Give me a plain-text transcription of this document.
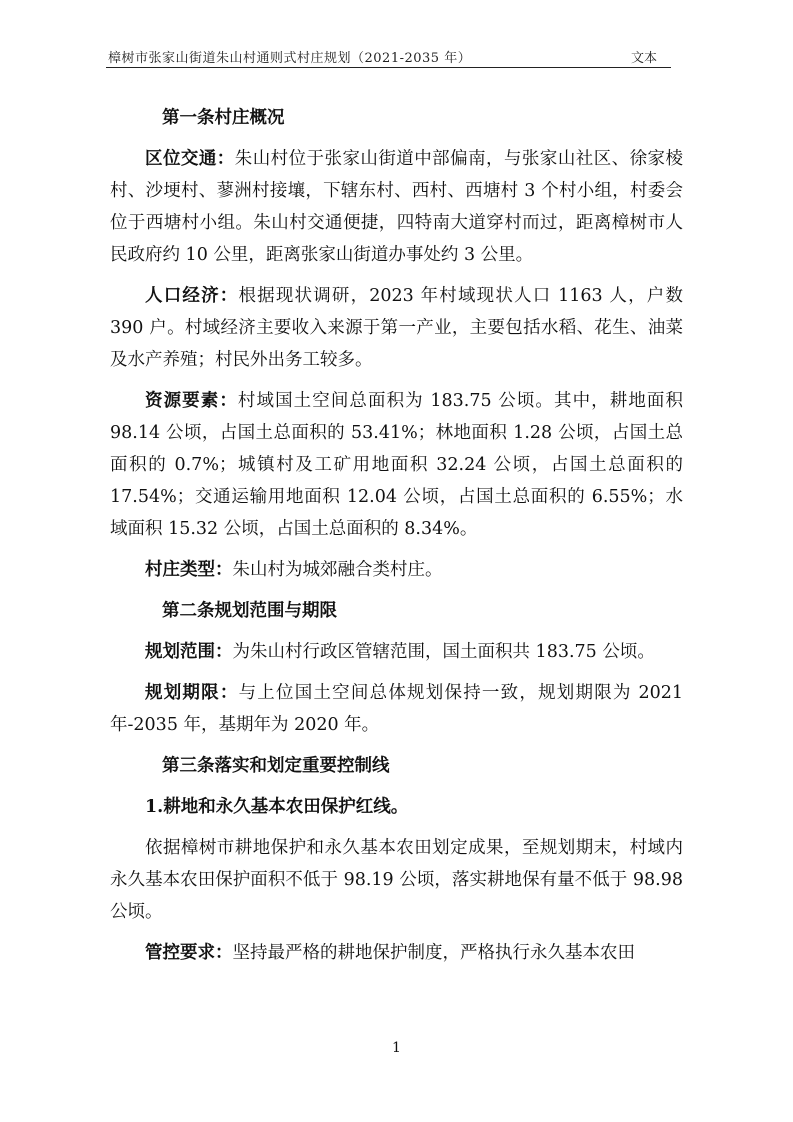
樟树市张家山街道朱山村通则式村庄规划（2021-2035 年）	文本
第一条村庄概况

区位交通：朱山村位于张家山街道中部偏南，与张家山社区、徐家棱村、沙埂村、蓼洲村接壤，下辖东村、西村、西塘村 3 个村小组，村委会位于西塘村小组。朱山村交通便捷，四特南大道穿村而过，距离樟树市人民政府约 10 公里，距离张家山街道办事处约 3 公里。

人口经济：根据现状调研，2023 年村域现状人口 1163 人，户数 390 户。村域经济主要收入来源于第一产业，主要包括水稻、花生、油菜及水产养殖；村民外出务工较多。

资源要素：村域国土空间总面积为 183.75 公顷。其中，耕地面积 98.14 公顷，占国土总面积的 53.41%；林地面积 1.28 公顷，占国土总面积的 0.7%；城镇村及工矿用地面积 32.24 公顷，占国土总面积的 17.54%；交通运输用地面积 12.04 公顷，占国土总面积的 6.55%；水域面积 15.32 公顷，占国土总面积的 8.34%。

村庄类型：朱山村为城郊融合类村庄。

第二条规划范围与期限

规划范围：为朱山村行政区管辖范围，国土面积共 183.75 公顷。

规划期限：与上位国土空间总体规划保持一致，规划期限为 2021 年-2035 年，基期年为 2020 年。

第三条落实和划定重要控制线
1.耕地和永久基本农田保护红线。

依据樟树市耕地保护和永久基本农田划定成果，至规划期末，村域内永久基本农田保护面积不低于 98.19 公顷，落实耕地保有量不低于 98.98 公顷。

管控要求：坚持最严格的耕地保护制度，严格执行永久基本农田

1
